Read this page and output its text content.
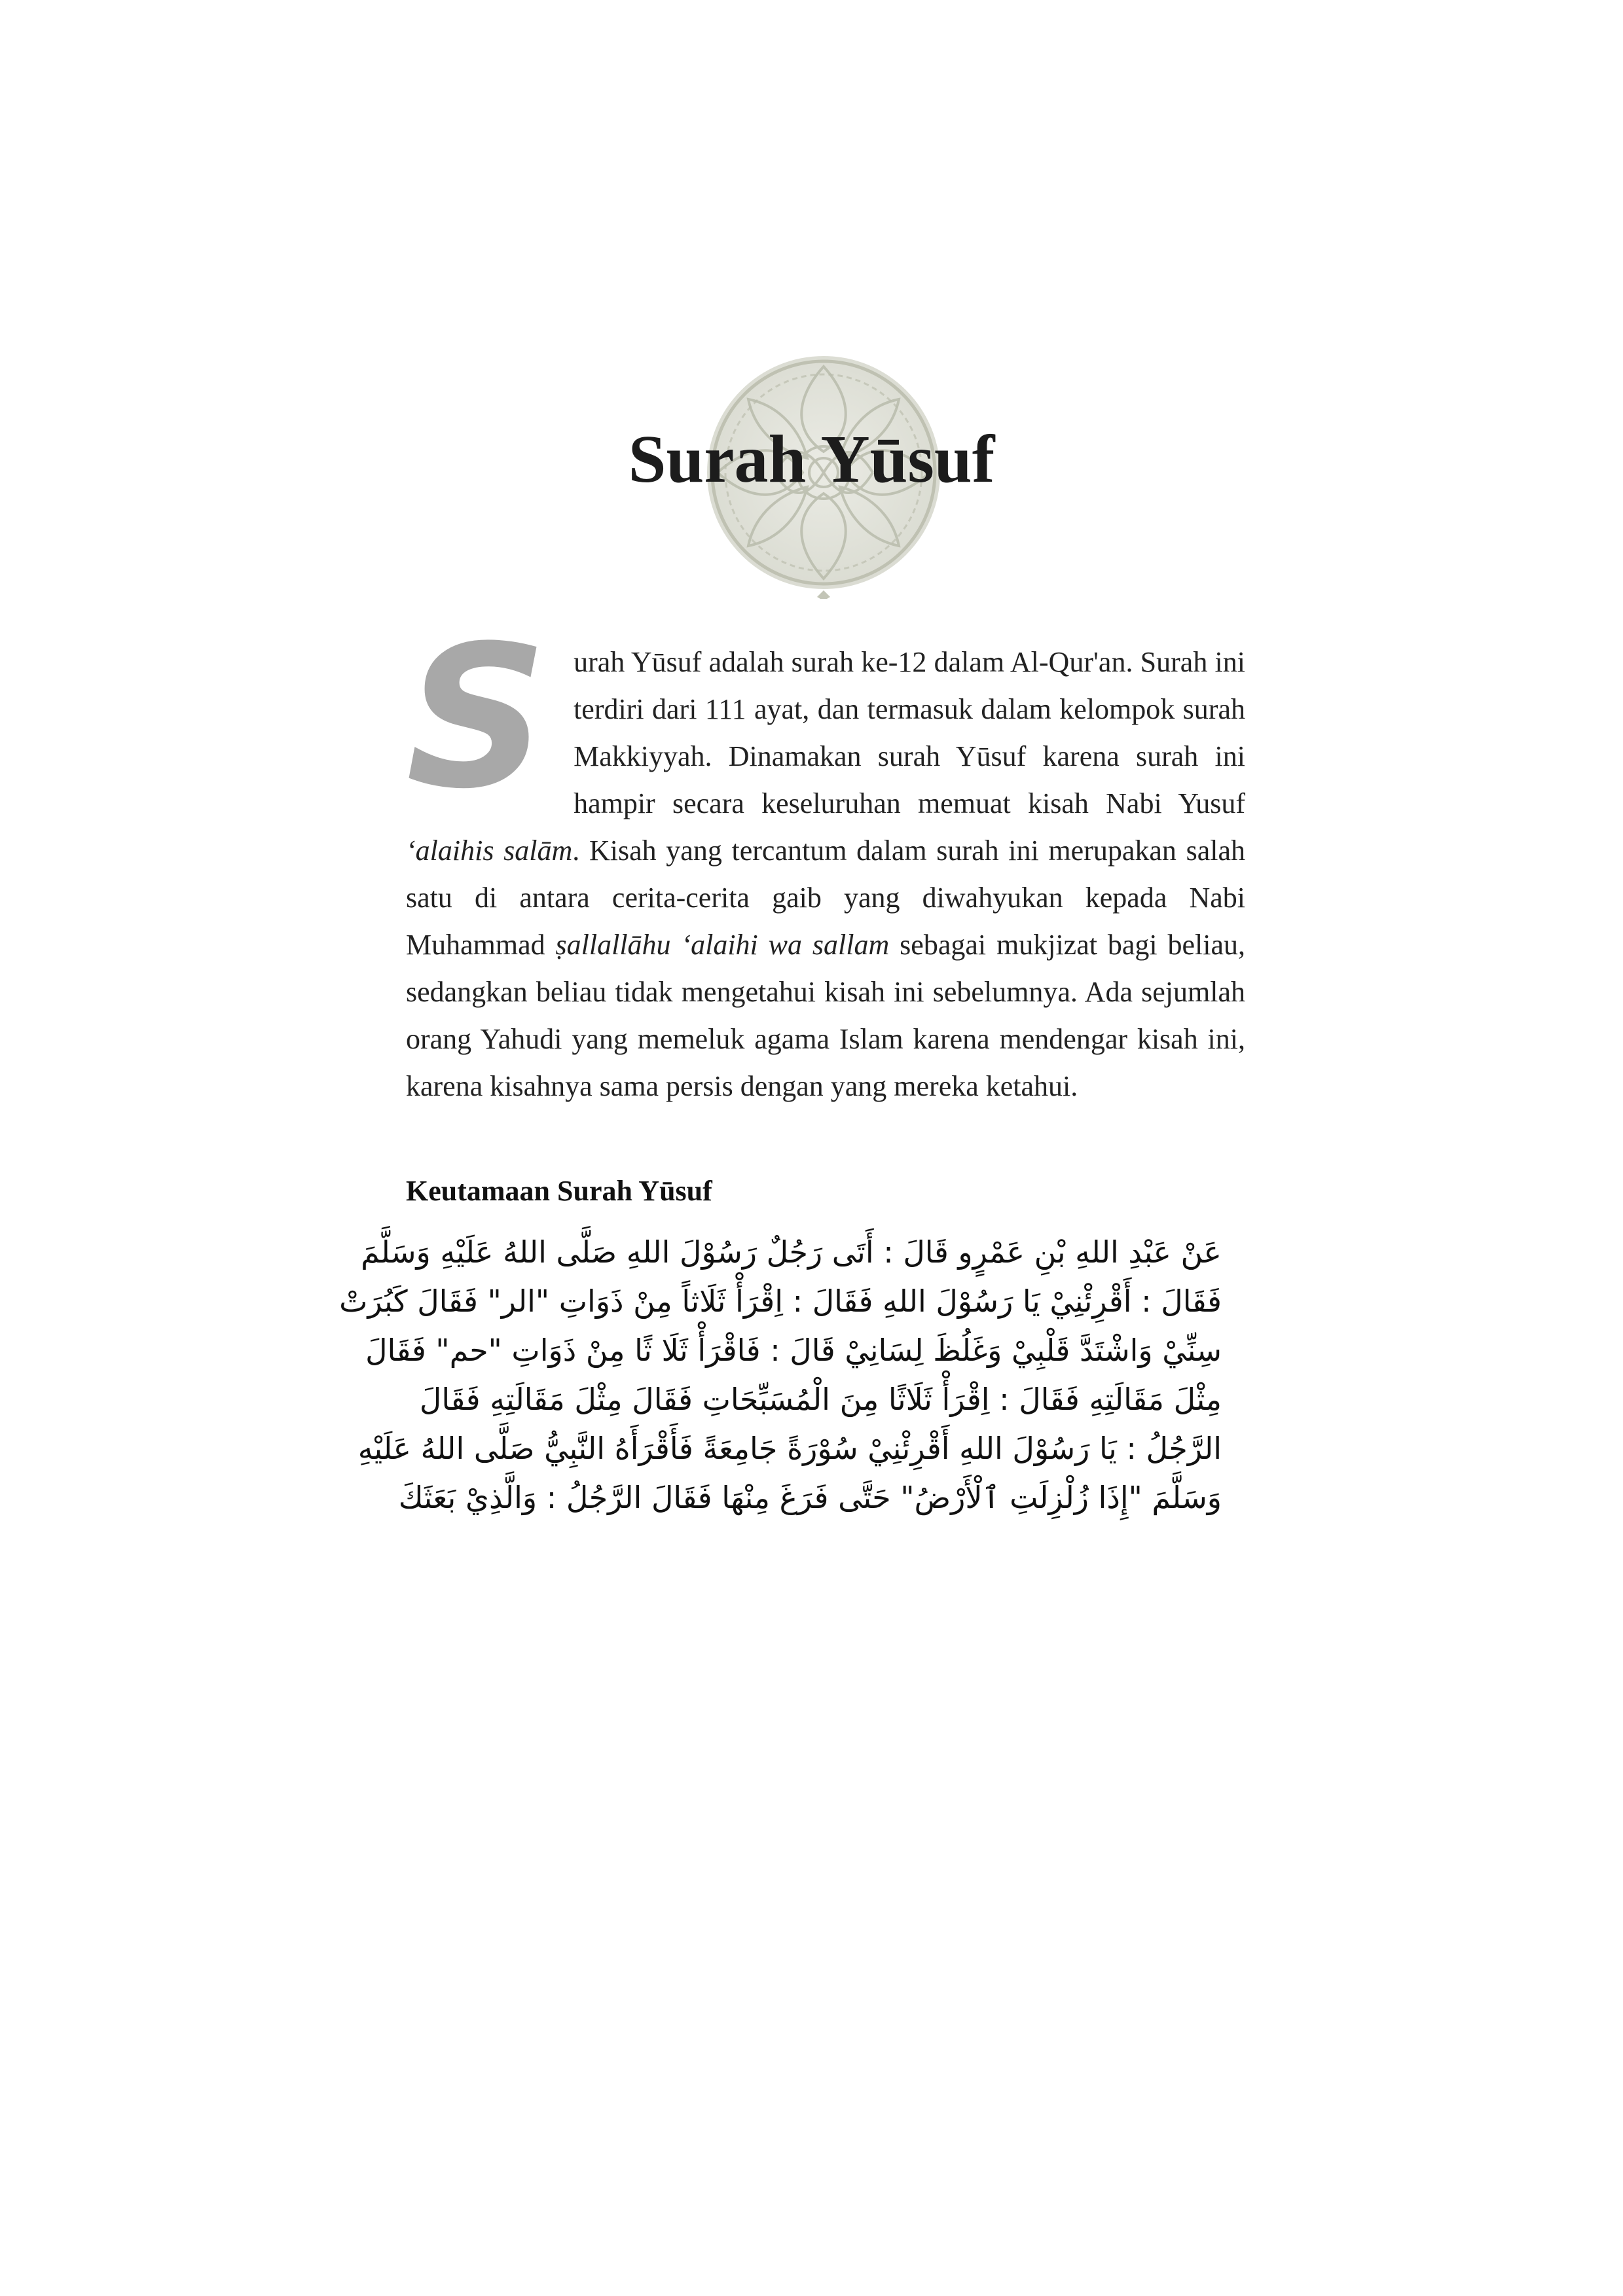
Surah Yūsuf

Surah Yūsuf adalah surah ke-12 dalam Al-Qur'an. Surah ini terdiri dari 111 ayat, dan termasuk dalam kelompok surah Makkiyyah. Dinamakan surah Yūsuf karena surah ini hampir secara keseluruhan memuat kisah Nabi Yusuf ‘alaihis salām. Kisah yang tercantum dalam surah ini merupakan salah satu di antara cerita-cerita gaib yang diwahyukan kepada Nabi Muhammad ṣallallāhu ‘alaihi wa sallam sebagai mukjizat bagi beliau, sedangkan beliau tidak mengetahui kisah ini sebelumnya. Ada sejumlah orang Yahudi yang memeluk agama Islam karena mendengar kisah ini, karena kisahnya sama persis dengan yang mereka ketahui.

Keutamaan Surah Yūsuf
عَنْ عَبْدِ اللهِ بْنِ عَمْرٍو قَالَ : أَتَى رَجُلٌ رَسُوْلَ اللهِ صَلَّى اللهُ عَلَيْهِ وَسَلَّمَ
فَقَالَ : أَقْرِئْنِيْ يَا رَسُوْلَ اللهِ فَقَالَ : اِقْرَأْ ثَلَاثاً مِنْ ذَوَاتِ "الر" فَقَالَ كَبُرَتْ
سِنِّيْ وَاشْتَدَّ قَلْبِيْ وَغَلُظَ لِسَانِيْ قَالَ : فَاقْرَأْ ثَلَا ثًا مِنْ ذَوَاتِ "حم" فَقَالَ
مِثْلَ مَقَالَتِهِ فَقَالَ : اِقْرَأْ ثَلَاثًا مِنَ الْمُسَبِّحَاتِ فَقَالَ مِثْلَ مَقَالَتِهِ فَقَالَ
الرَّجُلُ : يَا رَسُوْلَ اللهِ أَقْرِئْنِيْ سُوْرَةً جَامِعَةً فَأَقْرَأَهُ النَّبِيُّ صَلَّى اللهُ عَلَيْهِ
وَسَلَّمَ "إِذَا زُلْزِلَتِ ٱلْأَرْضُ" حَتَّى فَرَغَ مِنْهَا فَقَالَ الرَّجُلُ : وَالَّذِيْ بَعَثَكَ
